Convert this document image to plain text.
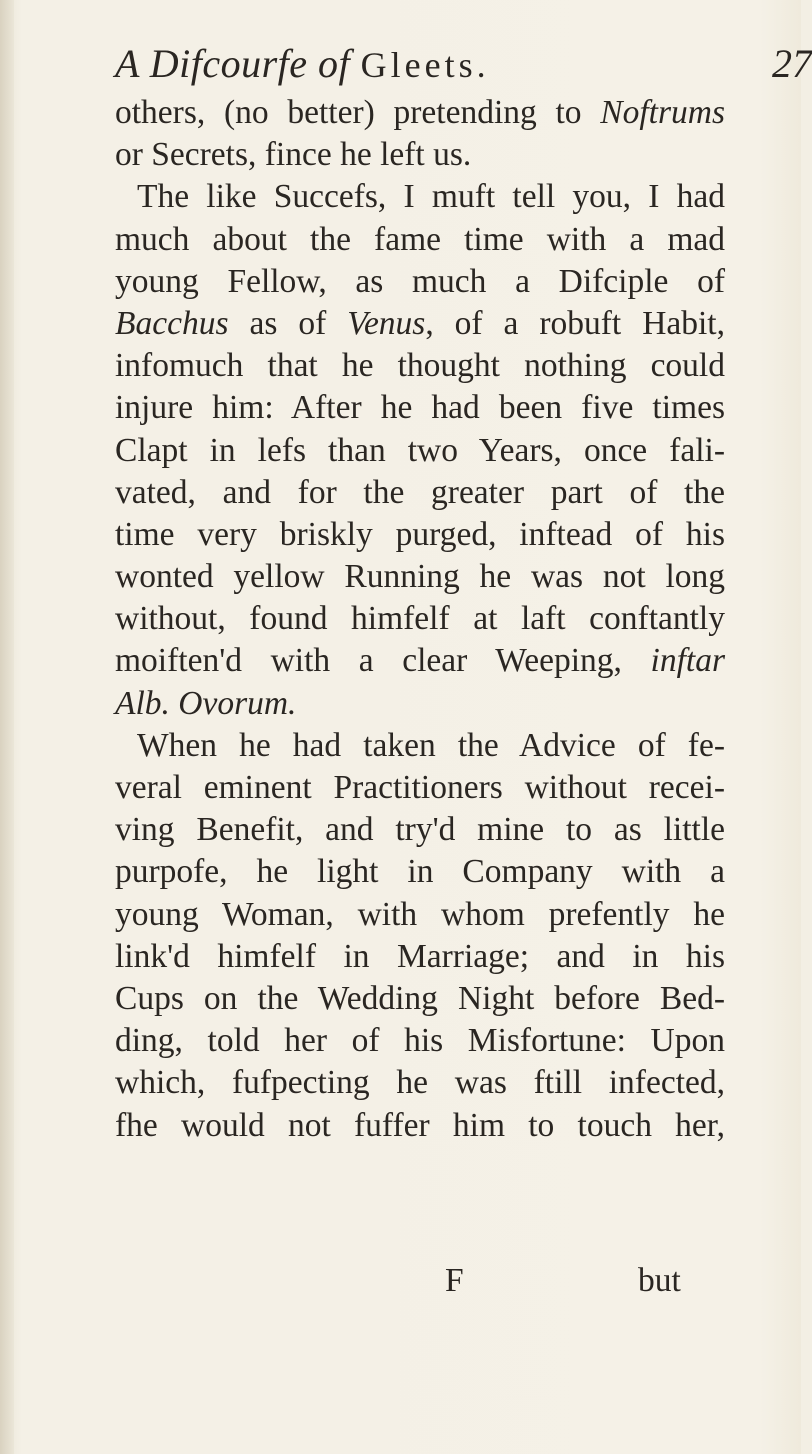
A Difcourfe of Gleets.	27
others, (no better) pretending to Noftrums
or Secrets, fince he left us.
The like Succefs, I muft tell you, I had
much about the fame time with a mad
young Fellow, as much a Difciple of
Bacchus as of Venus, of a robuft Habit,
infomuch that he thought nothing could
injure him: After he had been five times
Clapt in lefs than two Years, once fali-
vated, and for the greater part of the
time very briskly purged, inftead of his
wonted yellow Running he was not long
without, found himfelf at laft conftantly
moiften'd with a clear Weeping, inftar
Alb. Ovorum.
When he had taken the Advice of fe-
veral eminent Practitioners without recei-
ving Benefit, and try'd mine to as little
purpofe, he light in Company with a
young Woman, with whom prefently he
link'd himfelf in Marriage; and in his
Cups on the Wedding Night before Bed-
ding, told her of his Misfortune: Upon
which, fufpecting he was ftill infected,
fhe would not fuffer him to touch her,
F	but
